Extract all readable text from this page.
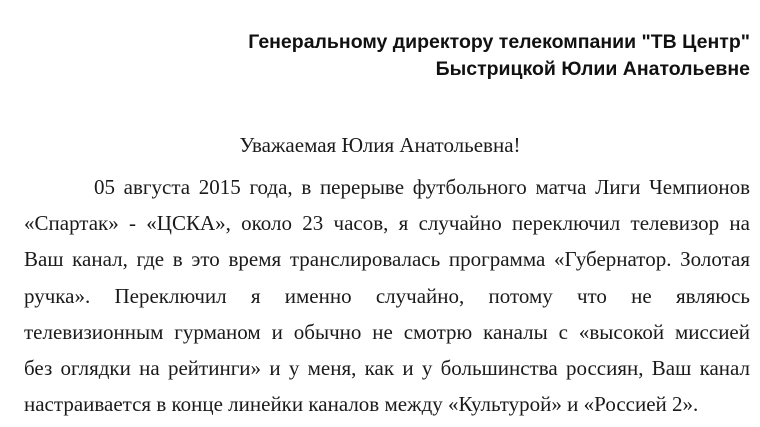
Генеральному директору телекомпании "ТВ Центр"
Быстрицкой Юлии Анатольевне
Уважаемая Юлия Анатольевна!
05 августа 2015 года, в перерыве футбольного матча Лиги Чемпионов
«Спартак» - «ЦСКА», около 23 часов, я случайно переключил телевизор на
Ваш канал, где в это время транслировалась программа «Губернатор. Золотая
ручка». Переключил я именно случайно, потому что не являюсь
телевизионным гурманом и обычно не смотрю каналы с «высокой миссией
без оглядки на рейтинги» и у меня, как и у большинства россиян, Ваш канал
настраивается в конце линейки каналов между «Культурой» и «Россией 2».
